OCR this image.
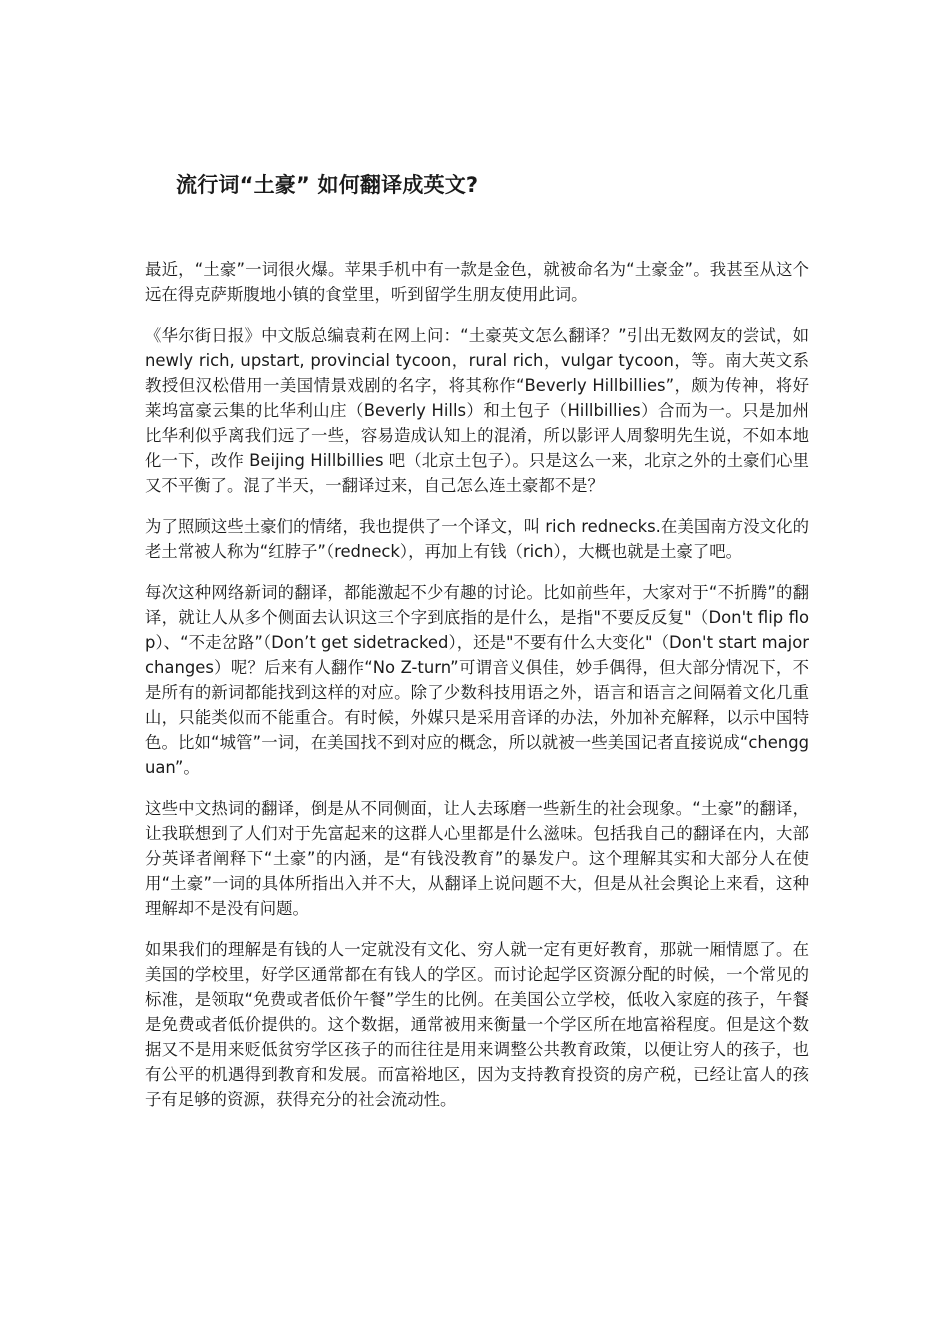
流行词“土豪” 如何翻译成英文?

最近，“土豪”一词很火爆。苹果手机中有一款是金色，就被命名为“土豪金”。我甚至从这个远在得克萨斯腹地小镇的食堂里，听到留学生朋友使用此词。

《华尔街日报》中文版总编袁莉在网上问：“土豪英文怎么翻译？”引出无数网友的尝试，如 newly rich, upstart, provincial tycoon，rural rich，vulgar tycoon，等。南大英文系教授但汉松借用一美国情景戏剧的名字，将其称作“Beverly Hillbillies”，颇为传神，将好莱坞富豪云集的比华利山庄（Beverly Hills）和土包子（Hillbillies）合而为一。只是加州比华利似乎离我们远了一些，容易造成认知上的混淆，所以影评人周黎明先生说，不如本地化一下，改作 Beijing Hillbillies 吧（北京土包子）。只是这么一来，北京之外的土豪们心里又不平衡了。混了半天，一翻译过来，自己怎么连土豪都不是？

为了照顾这些土豪们的情绪，我也提供了一个译文，叫 rich rednecks.在美国南方没文化的老土常被人称为“红脖子”（redneck），再加上有钱（rich），大概也就是土豪了吧。

每次这种网络新词的翻译，都能激起不少有趣的讨论。比如前些年，大家对于“不折腾”的翻译，就让人从多个侧面去认识这三个字到底指的是什么，是指"不要反反复"（Don't flip flop）、“不走岔路”（Don’t get sidetracked），还是"不要有什么大变化"（Don't start major changes）呢？后来有人翻作“No Z-turn”可谓音义俱佳，妙手偶得，但大部分情况下，不是所有的新词都能找到这样的对应。除了少数科技用语之外，语言和语言之间隔着文化几重山，只能类似而不能重合。有时候，外媒只是采用音译的办法，外加补充解释，以示中国特色。比如“城管”一词，在美国找不到对应的概念，所以就被一些美国记者直接说成“chengguan”。

这些中文热词的翻译，倒是从不同侧面，让人去琢磨一些新生的社会现象。“土豪”的翻译，让我联想到了人们对于先富起来的这群人心里都是什么滋味。包括我自己的翻译在内，大部分英译者阐释下“土豪”的内涵，是“有钱没教育”的暴发户。这个理解其实和大部分人在使用“土豪”一词的具体所指出入并不大，从翻译上说问题不大，但是从社会舆论上来看，这种理解却不是没有问题。

如果我们的理解是有钱的人一定就没有文化、穷人就一定有更好教育，那就一厢情愿了。在美国的学校里，好学区通常都在有钱人的学区。而讨论起学区资源分配的时候，一个常见的标准，是领取“免费或者低价午餐”学生的比例。在美国公立学校，低收入家庭的孩子，午餐是免费或者低价提供的。这个数据，通常被用来衡量一个学区所在地富裕程度。但是这个数据又不是用来贬低贫穷学区孩子的而往往是用来调整公共教育政策，以便让穷人的孩子，也有公平的机遇得到教育和发展。而富裕地区，因为支持教育投资的房产税，已经让富人的孩子有足够的资源，获得充分的社会流动性。
